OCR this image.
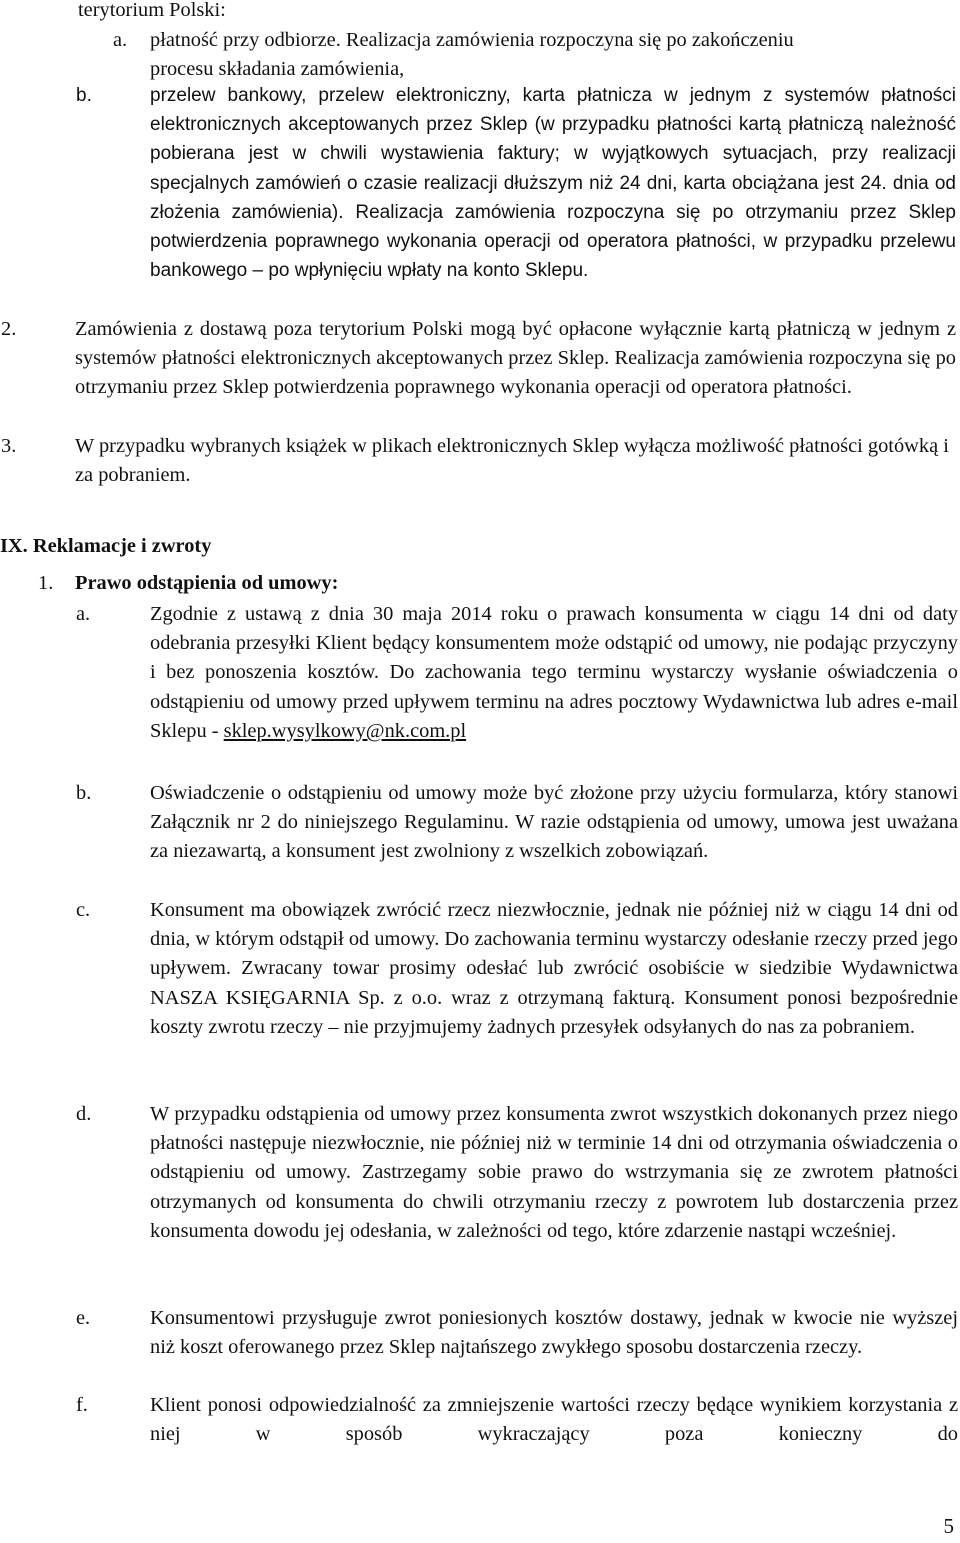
terytorium Polski:
a. płatność przy odbiorze. Realizacja zamówienia rozpoczyna się po zakończeniu
procesu składania zamówienia,
b.	przelew bankowy, przelew elektroniczny, karta płatnicza w jednym z systemów płatności elektronicznych akceptowanych przez Sklep (w przypadku płatności kartą płatniczą należność pobierana jest w chwili wystawienia faktury; w wyjątkowych sytuacjach, przy realizacji specjalnych zamówień o czasie realizacji dłuższym niż 24 dni, karta obciążana jest 24. dnia od złożenia zamówienia). Realizacja zamówienia rozpoczyna się po otrzymaniu przez Sklep potwierdzenia poprawnego wykonania operacji od operatora płatności, w przypadku przelewu bankowego – po wpłynięciu wpłaty na konto Sklepu.
2.	Zamówienia z dostawą poza terytorium Polski mogą być opłacone wyłącznie kartą płatniczą w jednym z systemów płatności elektronicznych akceptowanych przez Sklep. Realizacja zamówienia rozpoczyna się po otrzymaniu przez Sklep potwierdzenia poprawnego wykonania operacji od operatora płatności.
3.	W przypadku wybranych książek w plikach elektronicznych Sklep wyłącza możliwość płatności gotówką i za pobraniem.
IX. Reklamacje i zwroty
1. Prawo odstąpienia od umowy:
a.	Zgodnie z ustawą z dnia 30 maja 2014 roku o prawach konsumenta w ciągu 14 dni od daty odebrania przesyłki Klient będący konsumentem może odstąpić od umowy, nie podając przyczyny i bez ponoszenia kosztów. Do zachowania tego terminu wystarczy wysłanie oświadczenia o odstąpieniu od umowy przed upływem terminu na adres pocztowy Wydawnictwa lub adres e-mail Sklepu - sklep.wysylkowy@nk.com.pl
b.	Oświadczenie o odstąpieniu od umowy może być złożone przy użyciu formularza, który stanowi Załącznik nr 2 do niniejszego Regulaminu. W razie odstąpienia od umowy, umowa jest uważana za niezawartą, a konsument jest zwolniony z wszelkich zobowiązań.
c.	Konsument ma obowiązek zwrócić rzecz niezwłocznie, jednak nie później niż w ciągu 14 dni od dnia, w którym odstąpił od umowy. Do zachowania terminu wystarczy odesłanie rzeczy przed jego upływem. Zwracany towar prosimy odesłać lub zwrócić osobiście w siedzibie Wydawnictwa NASZA KSIĘGARNIA Sp. z o.o. wraz z otrzymaną fakturą. Konsument ponosi bezpośrednie koszty zwrotu rzeczy – nie przyjmujemy żadnych przesyłek odsyłanych do nas za pobraniem.
d.	W przypadku odstąpienia od umowy przez konsumenta zwrot wszystkich dokonanych przez niego płatności następuje niezwłocznie, nie później niż w terminie 14 dni od otrzymania oświadczenia o odstąpieniu od umowy. Zastrzegamy sobie prawo do wstrzymania się ze zwrotem płatności otrzymanych od konsumenta do chwili otrzymaniu rzeczy z powrotem lub dostarczenia przez konsumenta dowodu jej odesłania, w zależności od tego, które zdarzenie nastąpi wcześniej.
e.	Konsumentowi przysługuje zwrot poniesionych kosztów dostawy, jednak w kwocie nie wyższej niż koszt oferowanego przez Sklep najtańszego zwykłego sposobu dostarczenia rzeczy.
f.	Klient ponosi odpowiedzialność za zmniejszenie wartości rzeczy będące wynikiem korzystania z niej w sposób wykraczający poza konieczny do
5
